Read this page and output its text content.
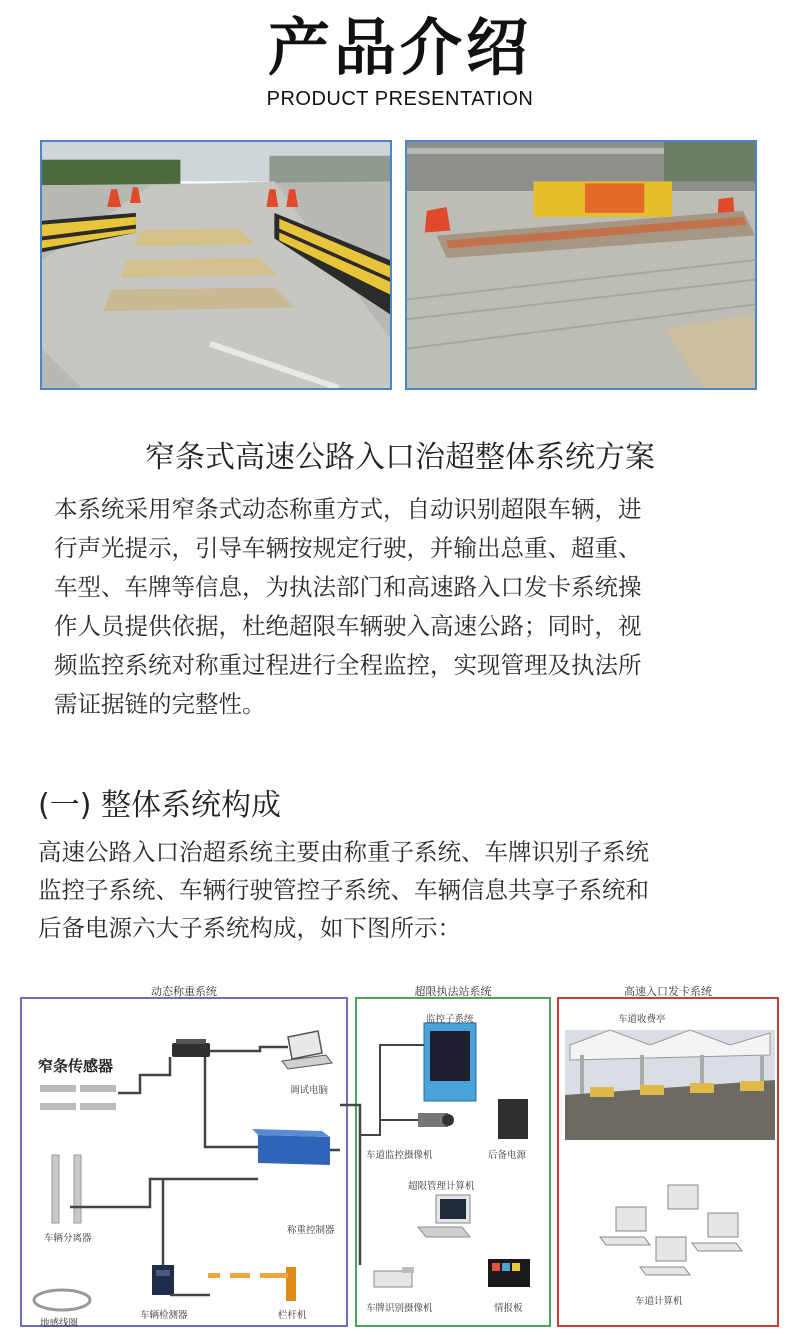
产品介绍
PRODUCT PRESENTATION
窄条式高速公路入口治超整体系统方案
本系统采用窄条式动态称重方式，自动识别超限车辆，进
行声光提示，引导车辆按规定行驶，并输出总重、超重、
车型、车牌等信息，为执法部门和高速路入口发卡系统操
作人员提供依据，杜绝超限车辆驶入高速公路；同时，视
频监控系统对称重过程进行全程监控，实现管理及执法所
需证据链的完整性。
(一) 整体系统构成
高速公路入口治超系统主要由称重子系统、车牌识别子系统
监控子系统、车辆行驶管控子系统、车辆信息共享子系统和
后备电源六大子系统构成，如下图所示：
动态称重系统	超限执法站系统	高速入口发卡系统
窄条传感器
调试电脑
车辆分离器
称重控制器
地感线圈
车辆检测器	栏杆机
监控子系统
车道监控摄像机	后备电源
超限管理计算机
车牌识别摄像机	情报板
车道收费亭
车道计算机
